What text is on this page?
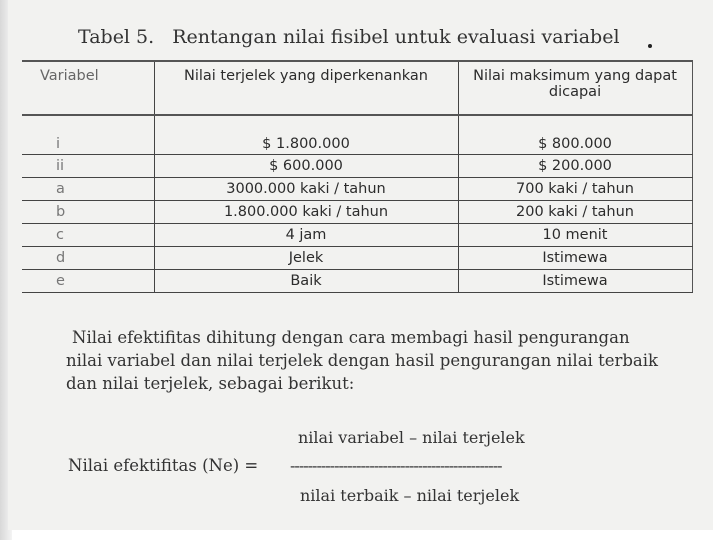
Tabel 5. Rentangan nilai fisibel untuk evaluasi variabel
Variabel	Nilai terjelek yang diperkenankan	Nilai maksimum yang dapat dicapai
i	$ 1.800.000	$ 800.000
ii	$ 600.000	$ 200.000
a	3000.000 kaki / tahun	700 kaki / tahun
b	1.800.000 kaki / tahun	200 kaki / tahun
c	4 jam	10 menit
d	Jelek	Istimewa
e	Baik	Istimewa
Nilai efektifitas dihitung dengan cara membagi hasil pengurangan
nilai variabel dan nilai terjelek dengan hasil pengurangan nilai terbaik
dan nilai terjelek, sebagai berikut:
nilai variabel – nilai terjelek
Nilai efektifitas (Ne) = ------------------------------------------------
nilai terbaik – nilai terjelek
